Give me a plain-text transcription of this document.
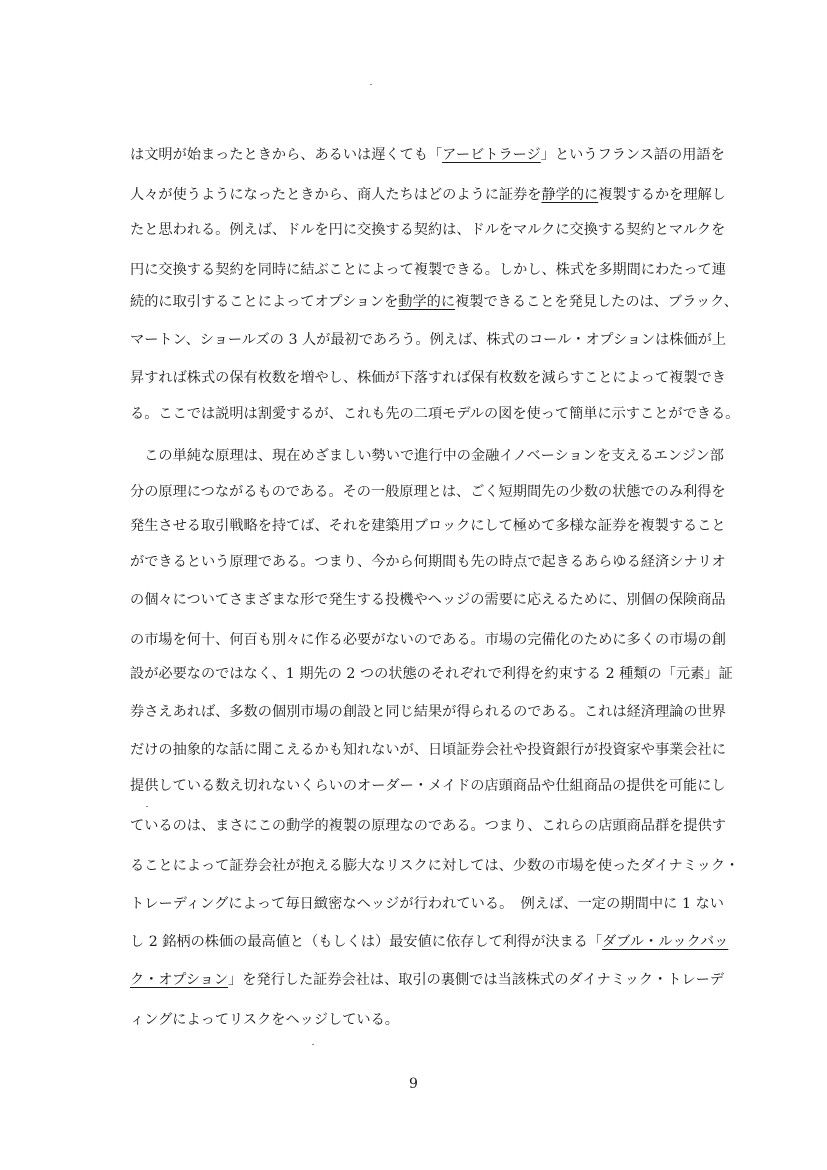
は文明が始まったときから、あるいは遅くても「アービトラージ」というフランス語の用語を
人々が使うようになったときから、商人たちはどのように証券を静学的に複製するかを理解し
たと思われる。例えば、ドルを円に交換する契約は、ドルをマルクに交換する契約とマルクを
円に交換する契約を同時に結ぶことによって複製できる。しかし、株式を多期間にわたって連
続的に取引することによってオプションを動学的に複製できることを発見したのは、ブラック、
マートン、ショールズの 3 人が最初であろう。例えば、株式のコール・オプションは株価が上
昇すれば株式の保有枚数を増やし、株価が下落すれば保有枚数を減らすことによって複製でき
る。ここでは説明は割愛するが、これも先の二項モデルの図を使って簡単に示すことができる。
　この単純な原理は、現在めざましい勢いで進行中の金融イノベーションを支えるエンジン部
分の原理につながるものである。その一般原理とは、ごく短期間先の少数の状態でのみ利得を
発生させる取引戦略を持てば、それを建築用ブロックにして極めて多様な証券を複製すること
ができるという原理である。つまり、今から何期間も先の時点で起きるあらゆる経済シナリオ
の個々についてさまざまな形で発生する投機やヘッジの需要に応えるために、別個の保険商品
の市場を何十、何百も別々に作る必要がないのである。市場の完備化のために多くの市場の創
設が必要なのではなく、1 期先の 2 つの状態のそれぞれで利得を約束する 2 種類の「元素」証
券さえあれば、多数の個別市場の創設と同じ結果が得られるのである。これは経済理論の世界
だけの抽象的な話に聞こえるかも知れないが、日頃証券会社や投資銀行が投資家や事業会社に
提供している数え切れないくらいのオーダー・メイドの店頭商品や仕組商品の提供を可能にし
ているのは、まさにこの動学的複製の原理なのである。つまり、これらの店頭商品群を提供す
ることによって証券会社が抱える膨大なリスクに対しては、少数の市場を使ったダイナミック・
トレーディングによって毎日緻密なヘッジが行われている。　例えば、一定の期間中に 1 ない
し 2 銘柄の株価の最高値と（もしくは）最安値に依存して利得が決まる「ダブル・ルックバッ
ク・オプション」を発行した証券会社は、取引の裏側では当該株式のダイナミック・トレーデ
ィングによってリスクをヘッジしている。
9
